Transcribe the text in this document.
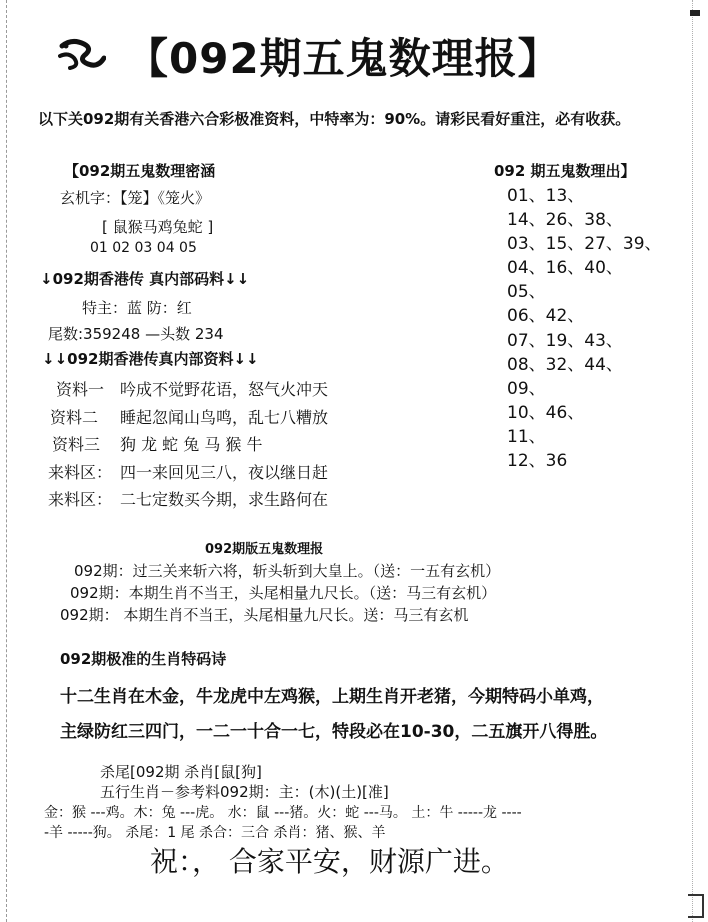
【092期五鬼数理报】
以下关092期有关香港六合彩极准资料，中特率为：90%。请彩民看好重注，必有收获。
【092期五鬼数理密涵
玄机字：【笼】《笼火》
[ 鼠猴马鸡兔蛇 ]
01 02 03 04 05
↓092期香港传 真内部码料↓↓
特主：蓝 防：红
尾数:359248 —头数 234
↓↓092期香港传真内部资料↓↓
资料一 吟成不觉野花语，怒气火冲天
资料二 睡起忽闻山鸟鸣，乱七八糟放
资料三 狗 龙 蛇 兔 马 猴 牛
来料区： 四一来回见三八，夜以继日赶
来料区： 二七定数买今期，求生路何在
092 期五鬼数理出】
01、13、
14、26、38、
03、15、27、39、
04、16、40、
05、
06、42、
07、19、43、
08、32、44、
09、
10、46、
11、
12、36
092期版五鬼数理报
092期：过三关来斩六将，斩头斩到大皇上。（送：一五有玄机）
092期：本期生肖不当王，头尾相量九尺长。（送：马三有玄机）
092期： 本期生肖不当王，头尾相量九尺长。送：马三有玄机
092期极准的生肖特码诗
十二生肖在木金，牛龙虎中左鸡猴，上期生肖开老猪，今期特码小单鸡，
主绿防红三四门，一二一十合一七，特段必在10-30，二五旗开八得胜。
杀尾[092期 杀肖[鼠[狗]
五行生肖－参考料092期：主：(木)(土)[准]
金：猴 ---鸡。木：兔 ---虎。 水：鼠 ---猪。火：蛇 ---马。 土：牛 -----龙 ----
-羊 -----狗。 杀尾：1 尾 杀合：三合 杀肖：猪、猴、羊
祝：， 合家平安，财源广进。
